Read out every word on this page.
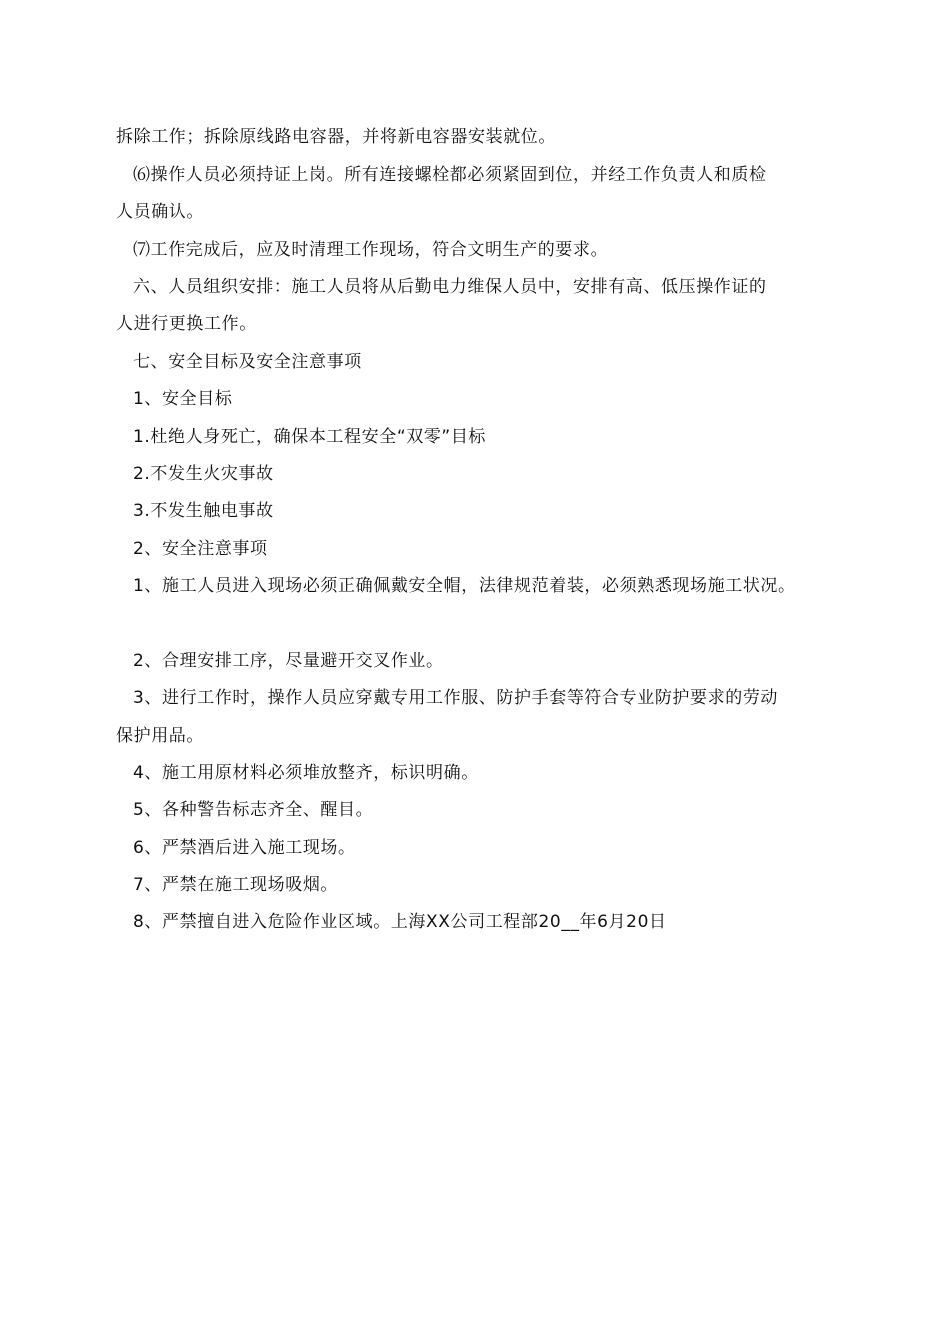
拆除工作；拆除原线路电容器，并将新电容器安装就位。
⑹操作人员必须持证上岗。所有连接螺栓都必须紧固到位，并经工作负责人和质检
人员确认。
⑺工作完成后，应及时清理工作现场，符合文明生产的要求。
六、人员组织安排：施工人员将从后勤电力维保人员中，安排有高、低压操作证的
人进行更换工作。
七、安全目标及安全注意事项
1、安全目标
1.杜绝人身死亡，确保本工程安全“双零”目标
2.不发生火灾事故
3.不发生触电事故
2、安全注意事项
1、施工人员进入现场必须正确佩戴安全帽，法律规范着装，必须熟悉现场施工状况。
2、合理安排工序，尽量避开交叉作业。
3、进行工作时，操作人员应穿戴专用工作服、防护手套等符合专业防护要求的劳动
保护用品。
4、施工用原材料必须堆放整齐，标识明确。
5、各种警告标志齐全、醒目。
6、严禁酒后进入施工现场。
7、严禁在施工现场吸烟。
8、严禁擅自进入危险作业区域。上海XX公司工程部20__年6月20日
